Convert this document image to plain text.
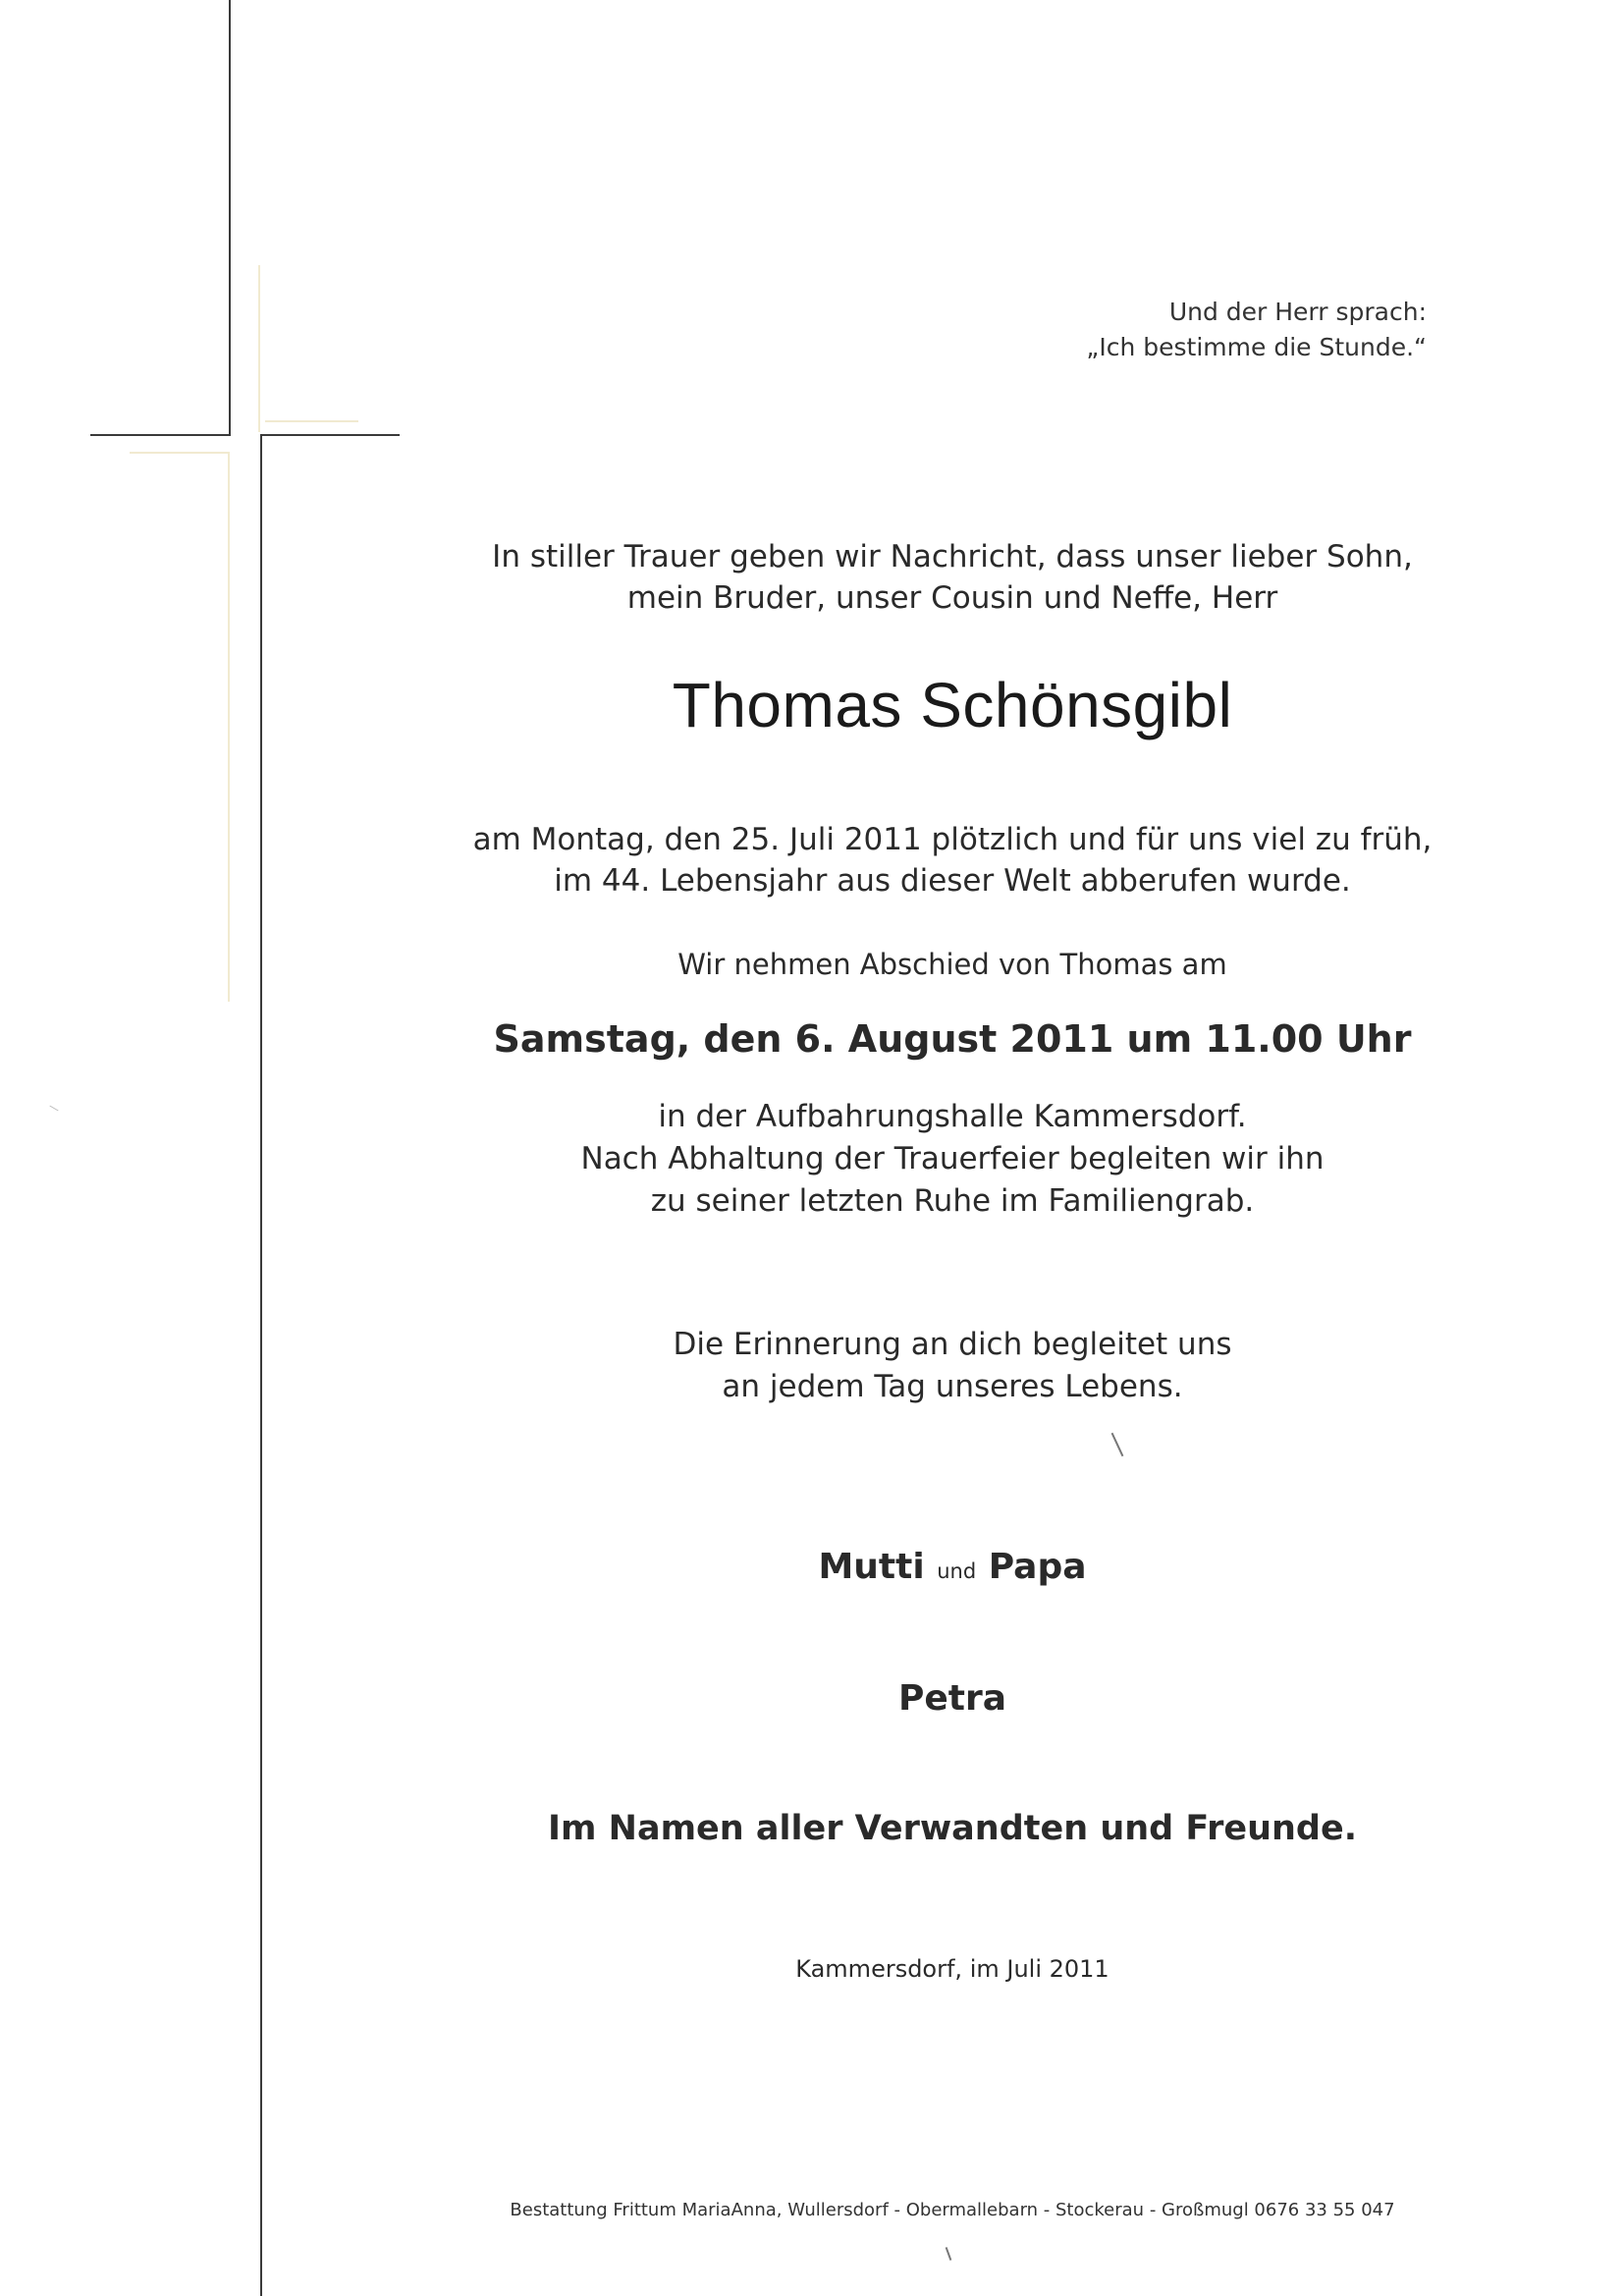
Und der Herr sprach:
„Ich bestimme die Stunde.“
In stiller Trauer geben wir Nachricht, dass unser lieber Sohn,
mein Bruder, unser Cousin und Neffe, Herr
Thomas Schönsgibl
am Montag, den 25. Juli 2011 plötzlich und für uns viel zu früh,
im 44. Lebensjahr aus dieser Welt abberufen wurde.
Wir nehmen Abschied von Thomas am
Samstag, den 6. August 2011 um 11.00 Uhr
in der Aufbahrungshalle Kammersdorf.
Nach Abhaltung der Trauerfeier begleiten wir ihn
zu seiner letzten Ruhe im Familiengrab.
Die Erinnerung an dich begleitet uns
an jedem Tag unseres Lebens.
Mutti und Papa
Petra
Im Namen aller Verwandten und Freunde.
Kammersdorf, im Juli 2011
Bestattung Frittum MariaAnna, Wullersdorf - Obermallebarn - Stockerau - Großmugl 0676 33 55 047
